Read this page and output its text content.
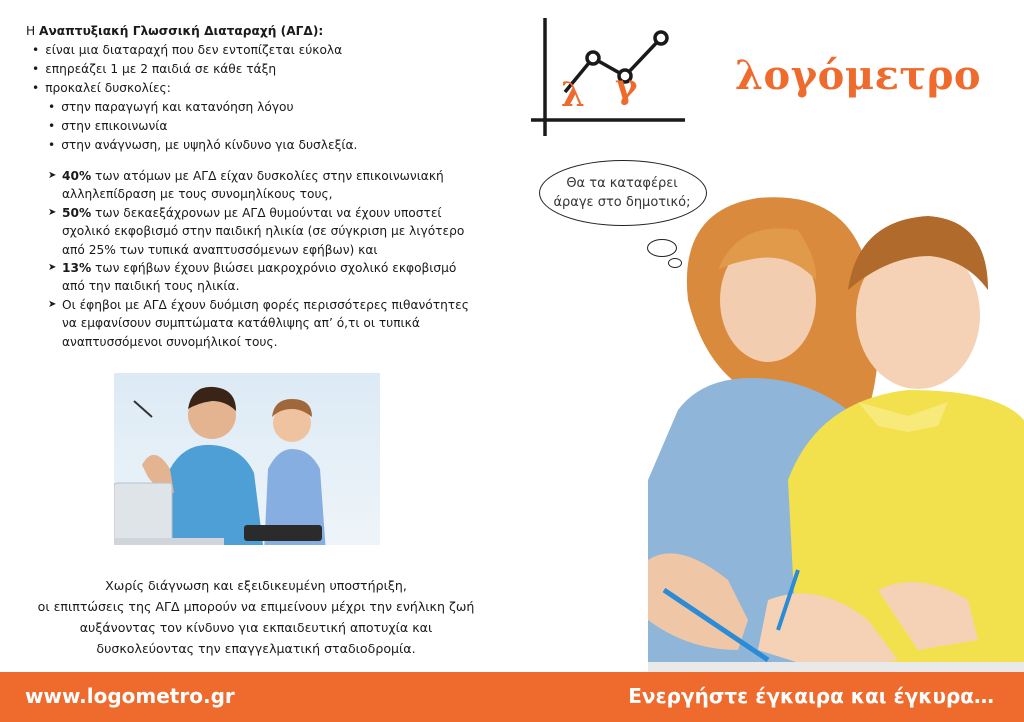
Η Αναπτυξιακή Γλωσσική Διαταραχή (ΑΓΔ):

• είναι μια διαταραχή που δεν εντοπίζεται εύκολα
• επηρεάζει 1 με 2 παιδιά σε κάθε τάξη
• προκαλεί δυσκολίες:
• στην παραγωγή και κατανόηση λόγου
• στην επικοινωνία
• στην ανάγνωση, με υψηλό κίνδυνο για δυσλεξία.

➤ 40% των ατόμων με ΑΓΔ είχαν δυσκολίες στην επικοινωνιακή αλληλεπίδραση με τους συνομηλίκους τους,

➤ 50% των δεκαεξάχρονων με ΑΓΔ θυμούνται να έχουν υποστεί σχολικό εκφοβισμό στην παιδική ηλικία (σε σύγκριση με λιγότερο από 25% των τυπικά αναπτυσσόμενων εφήβων) και

➤ 13% των εφήβων έχουν βιώσει μακροχρόνιο σχολικό εκφοβισμό από την παιδική τους ηλικία.

➤ Οι έφηβοι με ΑΓΔ έχουν δυόμιση φορές περισσότερες πιθανότητες να εμφανίσουν συμπτώματα κατάθλιψης απ’ ό,τι οι τυπικά αναπτυσσόμενοι συνομήλικοί τους.

Χωρίς διάγνωση και εξειδικευμένη υποστήριξη,

οι επιπτώσεις της ΑΓΔ μπορούν να επιμείνουν μέχρι την ενήλικη ζωή

αυξάνοντας τον κίνδυνο για εκπαιδευτική αποτυχία και

δυσκολεύοντας την επαγγελματική σταδιοδρομία.

λ γ λογόμετρο
Θα τα καταφέρει
άραγε στο δημοτικό;
www.logometro.gr	Ενεργήστε έγκαιρα και έγκυρα…
